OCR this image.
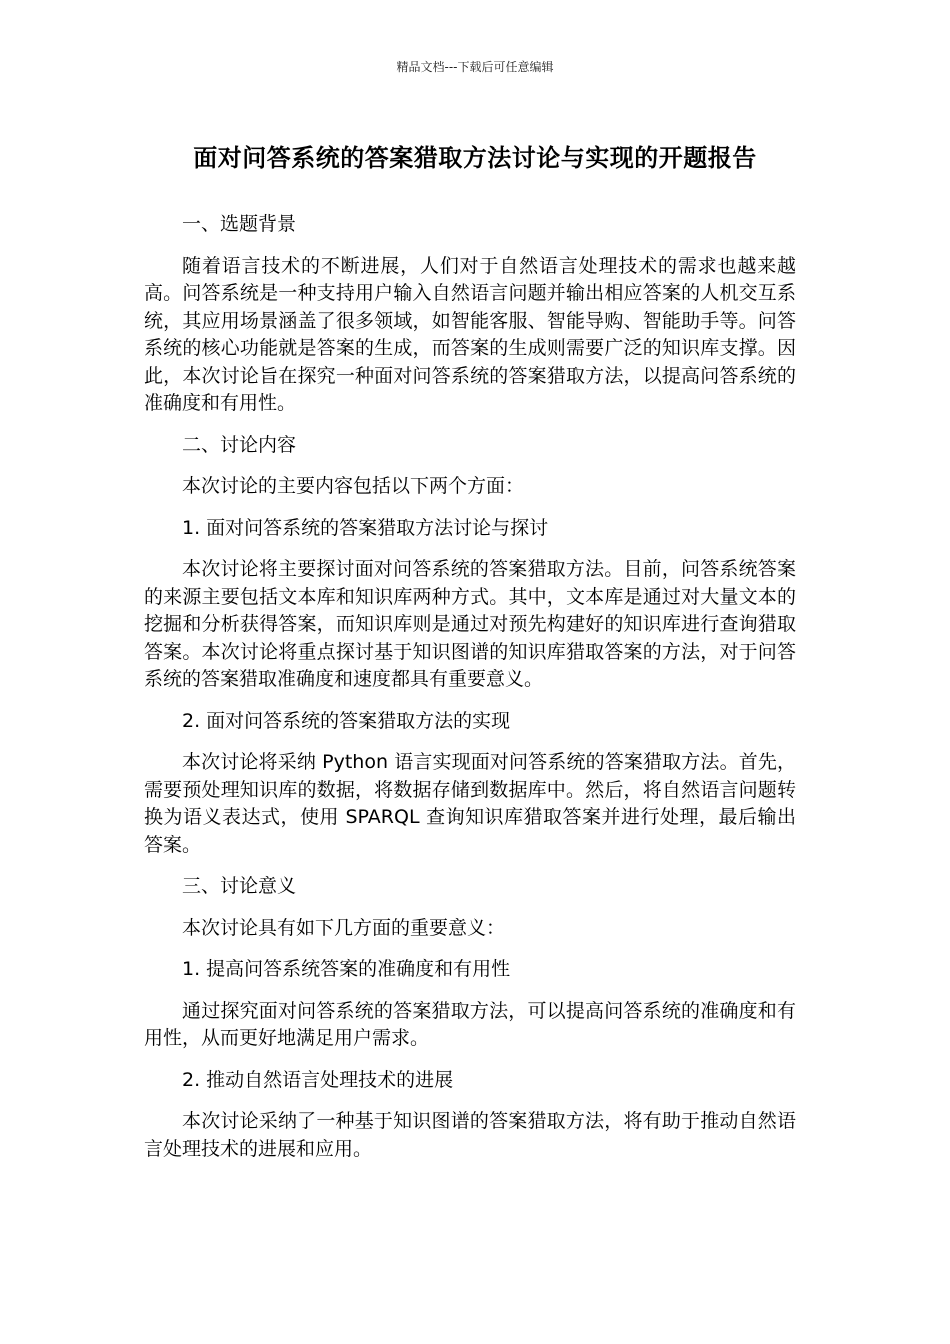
精品文档---下载后可任意编辑
面对问答系统的答案猎取方法讨论与实现的开题报告

一、选题背景

随着语言技术的不断进展，人们对于自然语言处理技术的需求也越来越高。问答系统是一种支持用户输入自然语言问题并输出相应答案的人机交互系统，其应用场景涵盖了很多领域，如智能客服、智能导购、智能助手等。问答系统的核心功能就是答案的生成，而答案的生成则需要广泛的知识库支撑。因此，本次讨论旨在探究一种面对问答系统的答案猎取方法，以提高问答系统的准确度和有用性。

二、讨论内容

本次讨论的主要内容包括以下两个方面：

1. 面对问答系统的答案猎取方法讨论与探讨

本次讨论将主要探讨面对问答系统的答案猎取方法。目前，问答系统答案的来源主要包括文本库和知识库两种方式。其中，文本库是通过对大量文本的挖掘和分析获得答案，而知识库则是通过对预先构建好的知识库进行查询猎取答案。本次讨论将重点探讨基于知识图谱的知识库猎取答案的方法，对于问答系统的答案猎取准确度和速度都具有重要意义。

2. 面对问答系统的答案猎取方法的实现

本次讨论将采纳 Python 语言实现面对问答系统的答案猎取方法。首先，需要预处理知识库的数据，将数据存储到数据库中。然后，将自然语言问题转换为语义表达式，使用 SPARQL 查询知识库猎取答案并进行处理，最后输出答案。

三、讨论意义

本次讨论具有如下几方面的重要意义：

1. 提高问答系统答案的准确度和有用性

通过探究面对问答系统的答案猎取方法，可以提高问答系统的准确度和有用性，从而更好地满足用户需求。

2. 推动自然语言处理技术的进展

本次讨论采纳了一种基于知识图谱的答案猎取方法，将有助于推动自然语言处理技术的进展和应用。
